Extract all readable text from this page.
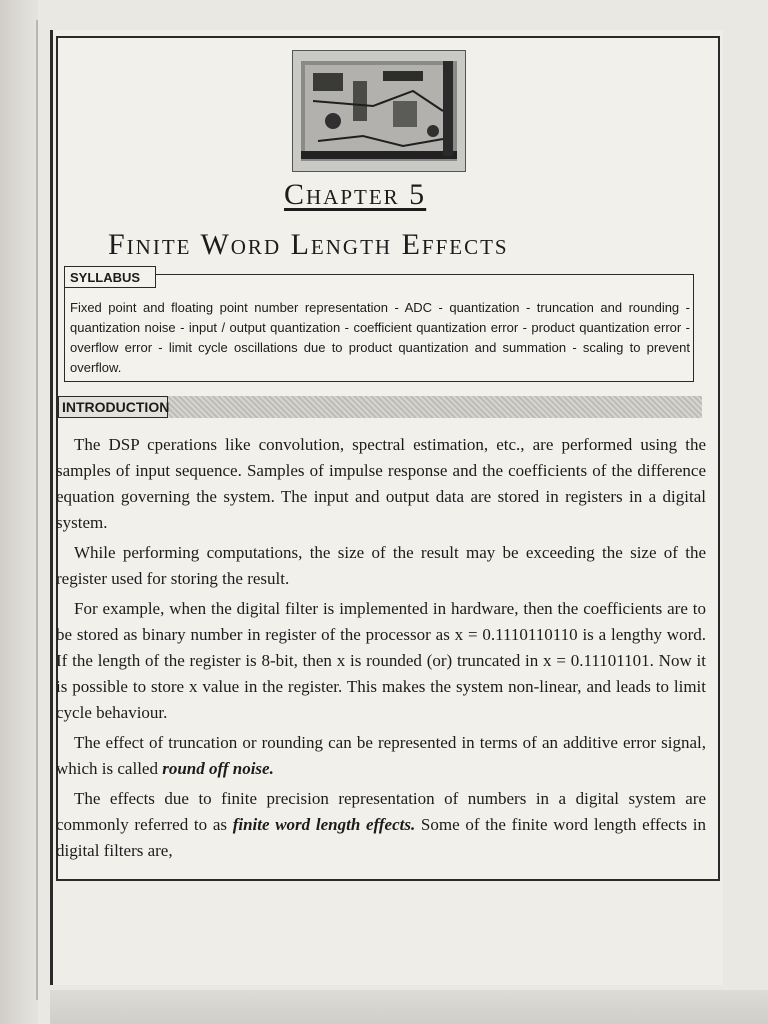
Chapter 5
Finite Word Length Effects
SYLLABUS
Fixed point and floating point number representation - ADC - quantization - truncation and rounding - quantization noise - input / output quantization - coefficient quantization error - product quantization error - overflow error - limit cycle oscillations due to product quantization and summation - scaling to prevent overflow.
INTRODUCTION

The DSP cperations like convolution, spectral estimation, etc., are performed using the samples of input sequence. Samples of impulse response and the coefficients of the difference equation governing the system. The input and output data are stored in registers in a digital system.

While performing computations, the size of the result may be exceeding the size of the register used for storing the result.

For example, when the digital filter is implemented in hardware, then the coefficients are to be stored as binary number in register of the processor as x = 0.1110110110 is a lengthy word. If the length of the register is 8-bit, then x is rounded (or) truncated in x = 0.11101101. Now it is possible to store x value in the register. This makes the system non-linear, and leads to limit cycle behaviour.

The effect of truncation or rounding can be represented in terms of an additive error signal, which is called round off noise.

The effects due to finite precision representation of numbers in a digital system are commonly referred to as finite word length effects. Some of the finite word length effects in digital filters are,
